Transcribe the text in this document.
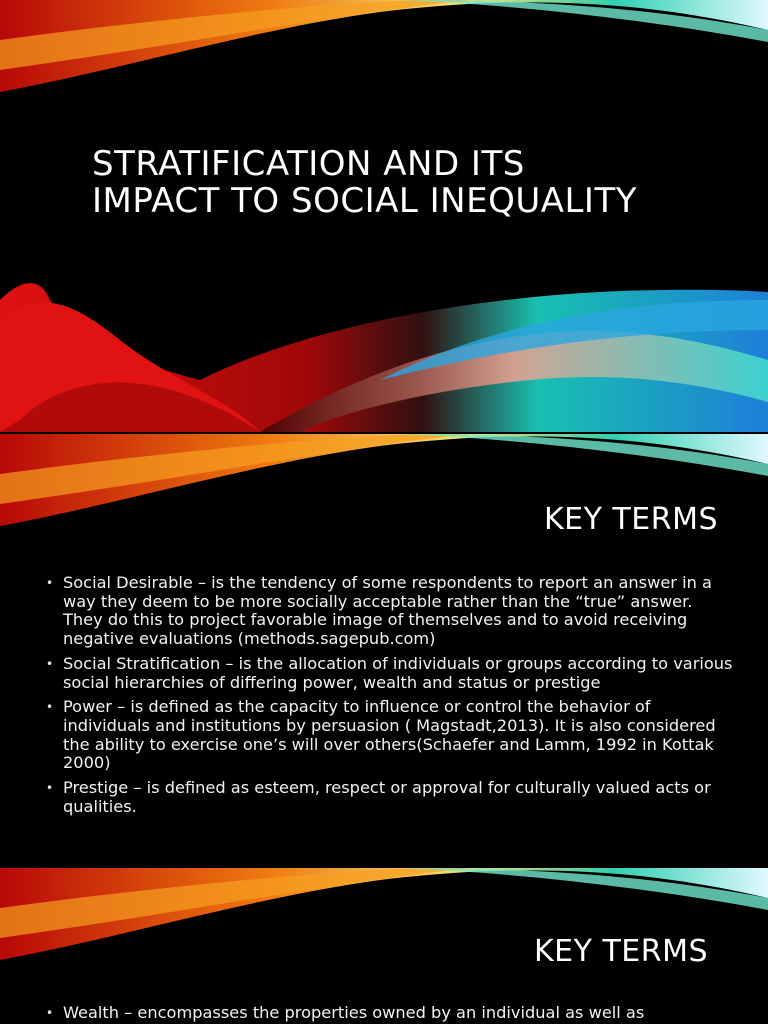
STRATIFICATION AND ITS
IMPACT TO SOCIAL INEQUALITY
KEY TERMS
• Social Desirable – is the tendency of some respondents to report an answer in a way they deem to be more socially acceptable rather than the “true” answer. They do this to project favorable image of themselves and to avoid receiving negative evaluations (methods.sagepub.com)
• Social Stratification – is the allocation of individuals or groups according to various social hierarchies of differing power, wealth and status or prestige
• Power – is defined as the capacity to influence or control the behavior of individuals and institutions by persuasion ( Magstadt,2013). It is also considered the ability to exercise one’s will over others(Schaefer and Lamm, 1992 in Kottak 2000)
• Prestige – is defined as esteem, respect or approval for culturally valued acts or qualities.
KEY TERMS
• Wealth – encompasses the properties owned by an individual as well as
